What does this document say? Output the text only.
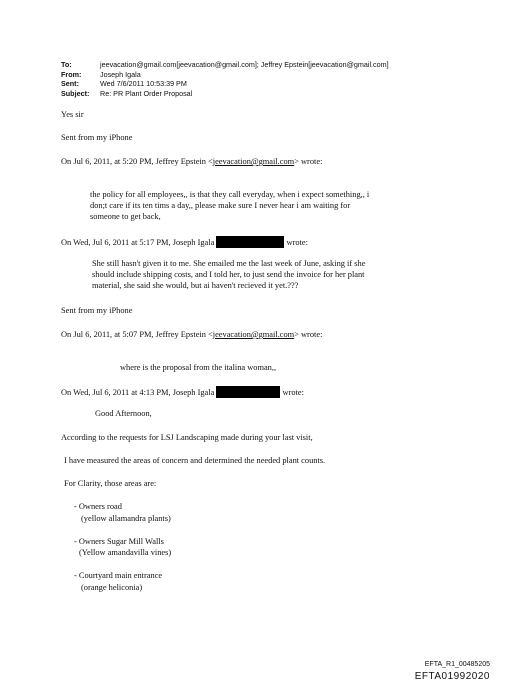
To:	jeevacation@gmail.com[jeevacation@gmail.com]; Jeffrey Epstein[jeevacation@gmail.com]
From:	Joseph Igala
Sent:	Wed 7/6/2011 10:53:39 PM
Subject:	Re: PR Plant Order Proposal
Yes sir
Sent from my iPhone
On Jul 6, 2011, at 5:20 PM, Jeffrey Epstein <jeevacation@gmail.com> wrote:
the policy for all employees,, is that they call everyday, when i expect something,, i
don;t care if its ten tims a day,, please make sure I never hear i am waiting for
someone to get back,
On Wed, Jul 6, 2011 at 5:17 PM, Joseph Igala	wrote:
She still hasn't given it to me. She emailed me the last week of June, asking if she
should include shipping costs, and I told her, to just send the invoice for her plant
material, she said she would, but ai haven't recieved it yet.???
Sent from my iPhone
On Jul 6, 2011, at 5:07 PM, Jeffrey Epstein <jeevacation@gmail.com> wrote:
where is the proposal from the italina woman,,
On Wed, Jul 6, 2011 at 4:13 PM, Joseph Igala	wrote:
Good Afternoon,
According to the requests for LSJ Landscaping made during your last visit,
I have measured the areas of concern and determined the needed plant counts.
For Clarity, those areas are:
- Owners road
(yellow allamandra plants)
- Owners Sugar Mill Walls
(Yellow amandavilla vines)
- Courtyard main entrance
(orange heliconia)
EFTA_R1_00485205
EFTA01992020
